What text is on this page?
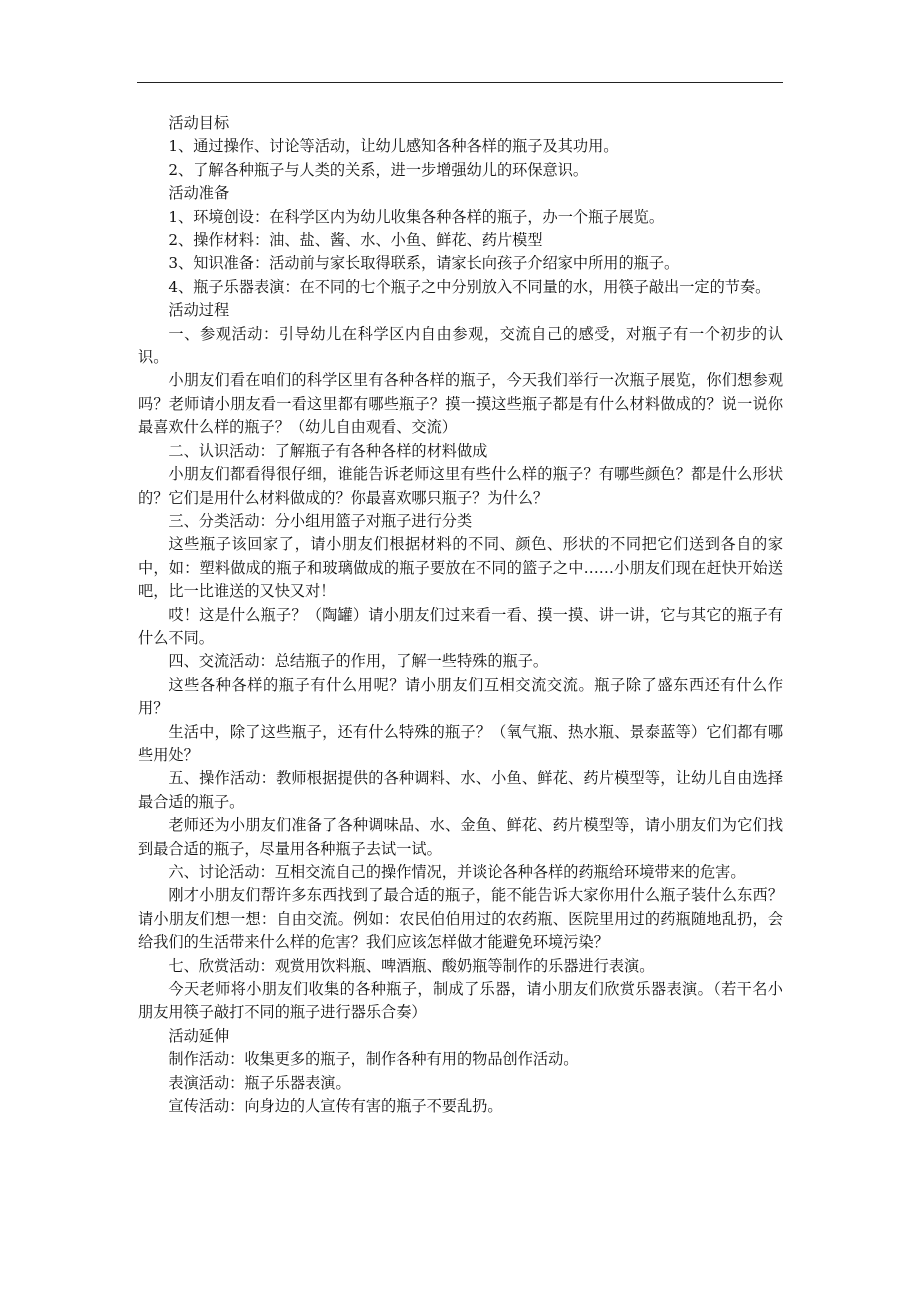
活动目标

1、通过操作、讨论等活动，让幼儿感知各种各样的瓶子及其功用。

2、了解各种瓶子与人类的关系，进一步增强幼儿的环保意识。

活动准备

1、环境创设：在科学区内为幼儿收集各种各样的瓶子，办一个瓶子展览。

2、操作材料：油、盐、酱、水、小鱼、鲜花、药片模型

3、知识准备：活动前与家长取得联系，请家长向孩子介绍家中所用的瓶子。

4、瓶子乐器表演：在不同的七个瓶子之中分别放入不同量的水，用筷子敲出一定的节奏。

活动过程

一、参观活动：引导幼儿在科学区内自由参观，交流自己的感受，对瓶子有一个初步的认识。

小朋友们看在咱们的科学区里有各种各样的瓶子，今天我们举行一次瓶子展览，你们想参观吗？老师请小朋友看一看这里都有哪些瓶子？摸一摸这些瓶子都是有什么材料做成的？说一说你最喜欢什么样的瓶子？（幼儿自由观看、交流）

二、认识活动：了解瓶子有各种各样的材料做成

小朋友们都看得很仔细，谁能告诉老师这里有些什么样的瓶子？有哪些颜色？都是什么形状的？它们是用什么材料做成的？你最喜欢哪只瓶子？为什么？

三、分类活动：分小组用篮子对瓶子进行分类

这些瓶子该回家了，请小朋友们根据材料的不同、颜色、形状的不同把它们送到各自的家中，如：塑料做成的瓶子和玻璃做成的瓶子要放在不同的篮子之中……小朋友们现在赶快开始送吧，比一比谁送的又快又对！

哎！这是什么瓶子？（陶罐）请小朋友们过来看一看、摸一摸、讲一讲，它与其它的瓶子有什么不同。

四、交流活动：总结瓶子的作用，了解一些特殊的瓶子。

这些各种各样的瓶子有什么用呢？请小朋友们互相交流交流。瓶子除了盛东西还有什么作用？

生活中，除了这些瓶子，还有什么特殊的瓶子？（氧气瓶、热水瓶、景泰蓝等）它们都有哪些用处？

五、操作活动：教师根据提供的各种调料、水、小鱼、鲜花、药片模型等，让幼儿自由选择最合适的瓶子。

老师还为小朋友们准备了各种调味品、水、金鱼、鲜花、药片模型等，请小朋友们为它们找到最合适的瓶子，尽量用各种瓶子去试一试。

六、讨论活动：互相交流自己的操作情况，并谈论各种各样的药瓶给环境带来的危害。

刚才小朋友们帮许多东西找到了最合适的瓶子，能不能告诉大家你用什么瓶子装什么东西？请小朋友们想一想：自由交流。例如：农民伯伯用过的农药瓶、医院里用过的药瓶随地乱扔，会给我们的生活带来什么样的危害？我们应该怎样做才能避免环境污染？

七、欣赏活动：观赏用饮料瓶、啤酒瓶、酸奶瓶等制作的乐器进行表演。

今天老师将小朋友们收集的各种瓶子，制成了乐器，请小朋友们欣赏乐器表演。（若干名小朋友用筷子敲打不同的瓶子进行器乐合奏）

活动延伸

制作活动：收集更多的瓶子，制作各种有用的物品创作活动。

表演活动：瓶子乐器表演。

宣传活动：向身边的人宣传有害的瓶子不要乱扔。
